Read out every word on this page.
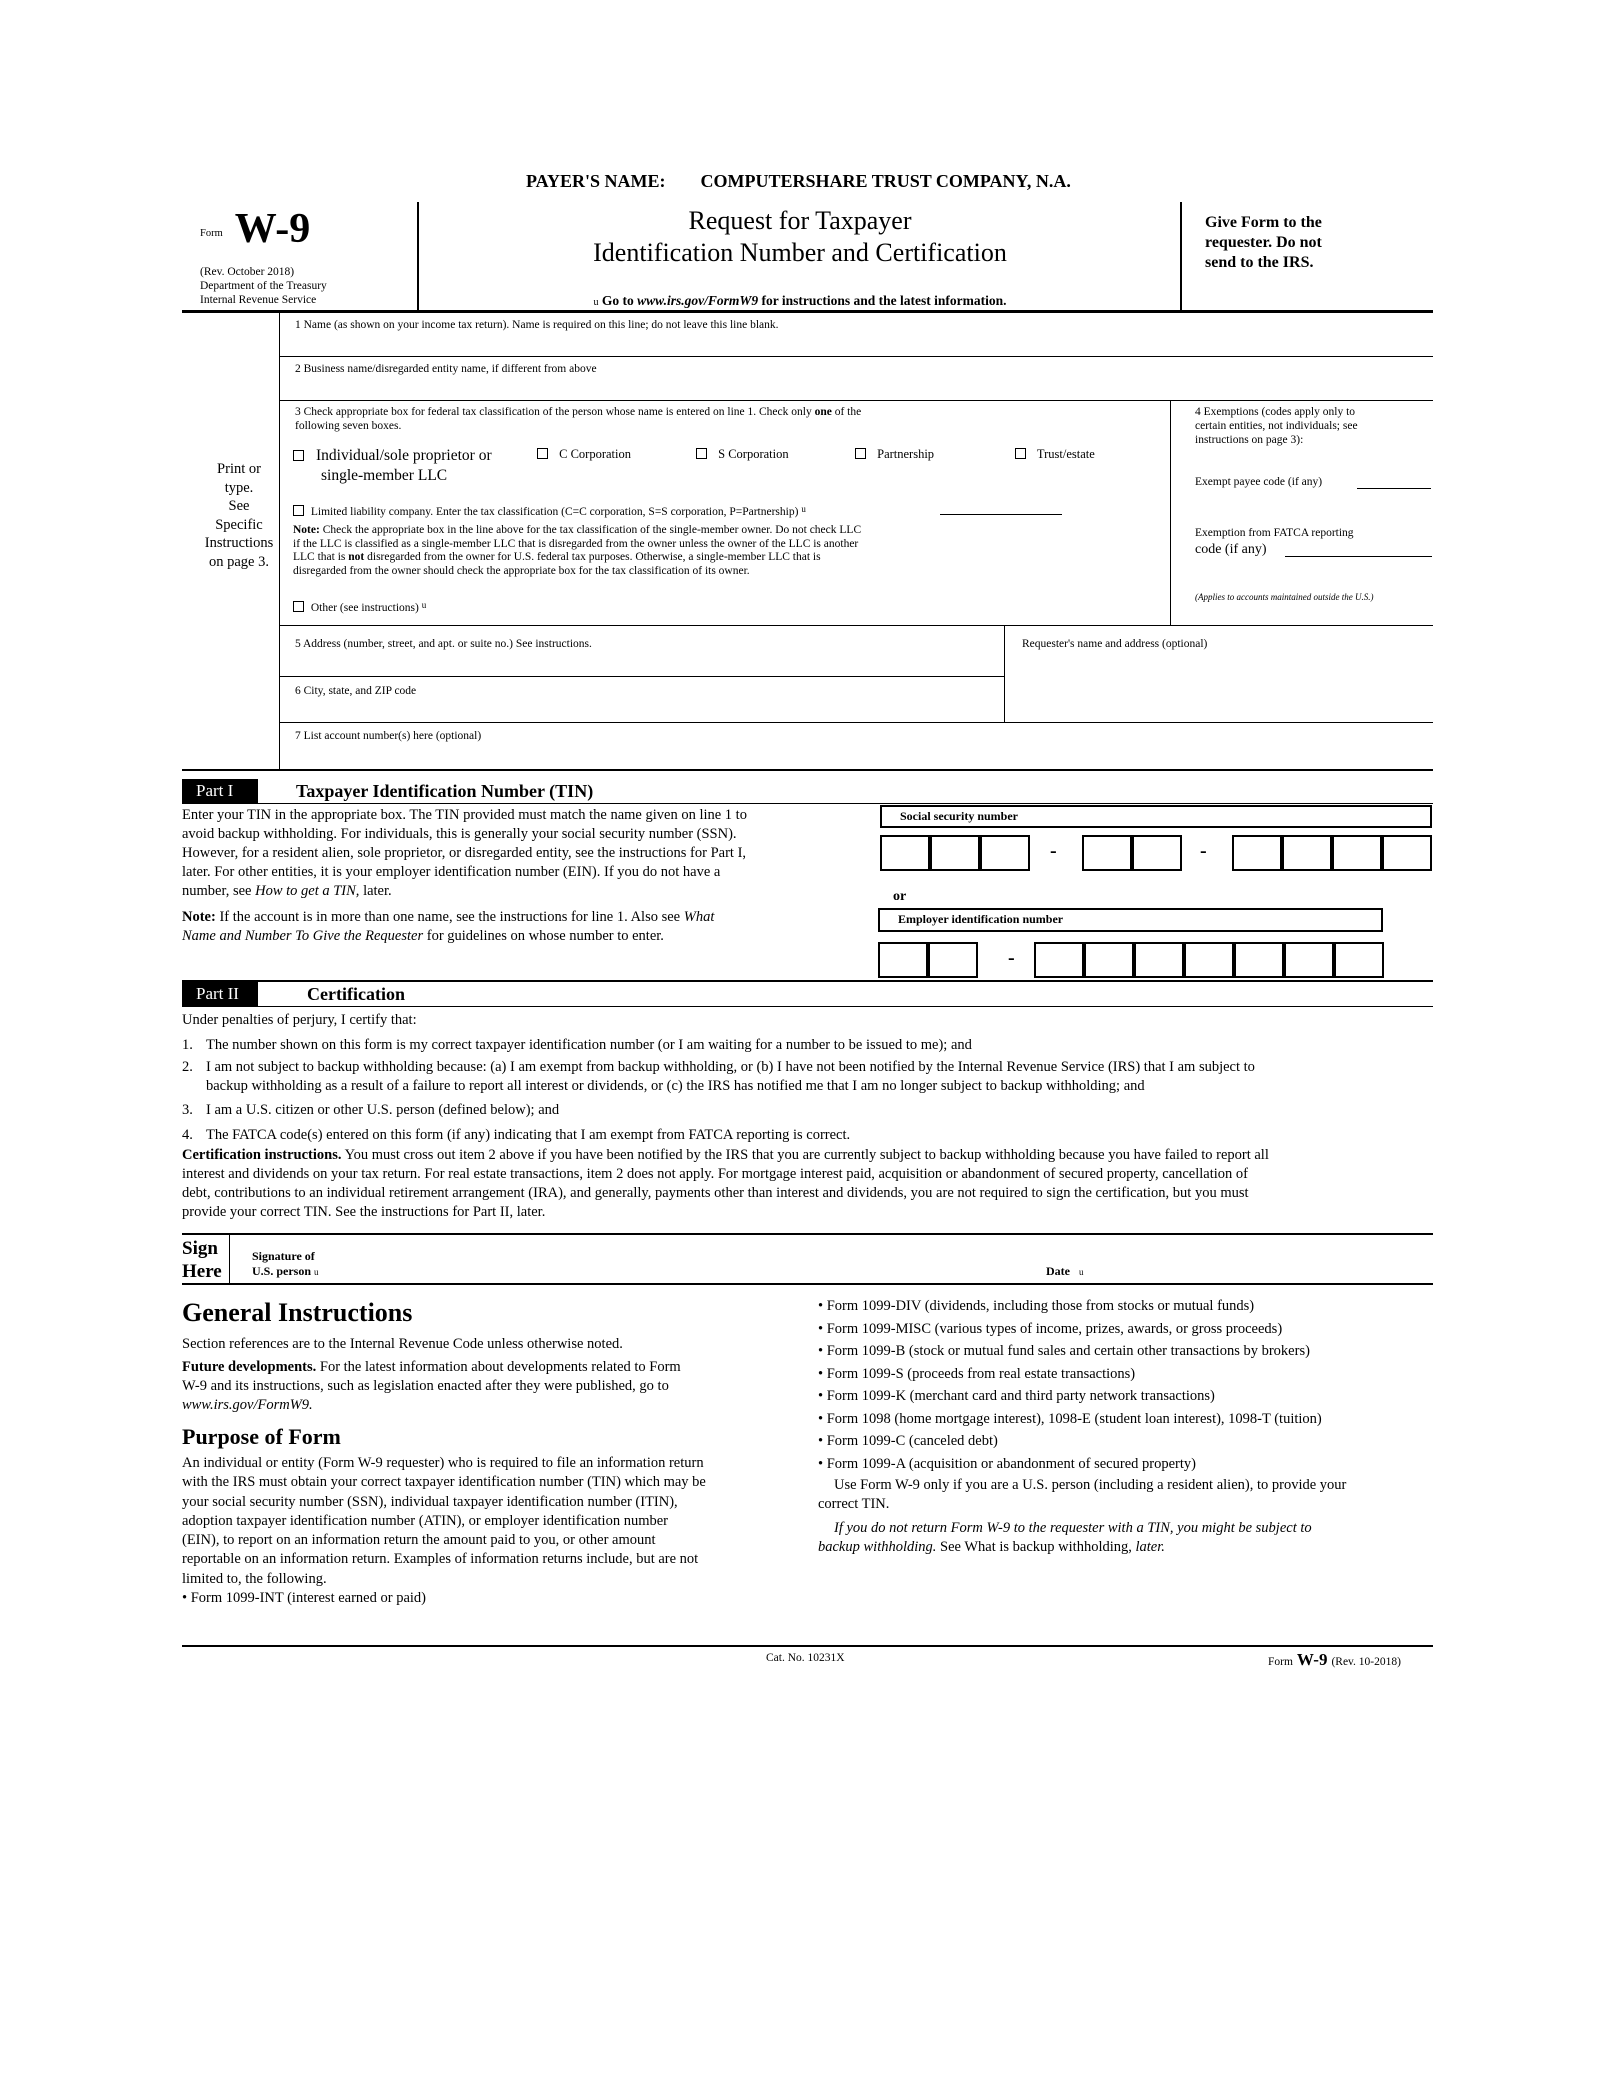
PAYER'S NAME: COMPUTERSHARE TRUST COMPANY, N.A.
$^{Form}$ W-9
(Rev. October 2018)
Department of the Treasury
Internal Revenue Service
Request for Taxpayer
Identification Number and Certification
u Go to www.irs.gov/FormW9 for instructions and the latest information.
Give Form to the
requester. Do not
send to the IRS.
Print or
type.
See
Specific
Instructions
on page 3.
1 Name (as shown on your income tax return). Name is required on this line; do not leave this line blank.
2 Business name/disregarded entity name, if different from above
3 Check appropriate box for federal tax classification of the person whose name is entered on line 1. Check only one of the
following seven boxes.
Individual/sole proprietor or
single-member LLC
C Corporation	S Corporation	Partnership	Trust/estate
Limited liability company. Enter the tax classification (C=C corporation, S=S corporation, P=Partnership) $^u$
Note: Check the appropriate box in the line above for the tax classification of the single-member owner. Do not check LLC
if the LLC is classified as a single-member LLC that is disregarded from the owner unless the owner of the LLC is another
LLC that is not disregarded from the owner for U.S. federal tax purposes. Otherwise, a single-member LLC that is
disregarded from the owner should check the appropriate box for the tax classification of its owner.
Other (see instructions) $^u$
4 Exemptions (codes apply only to
certain entities, not individuals; see
instructions on page 3):
Exempt payee code (if any)
Exemption from FATCA reporting
code (if any)
(Applies to accounts maintained outside the U.S.)
5 Address (number, street, and apt. or suite no.) See instructions.	Requester's name and address (optional)
6 City, state, and ZIP code
7 List account number(s) here (optional)
Part I	Taxpayer Identification Number (TIN)
Enter your TIN in the appropriate box. The TIN provided must match the name given on line 1 to
avoid backup withholding. For individuals, this is generally your social security number (SSN).
However, for a resident alien, sole proprietor, or disregarded entity, see the instructions for Part I,
later. For other entities, it is your employer identification number (EIN). If you do not have a
number, see How to get a TIN, later.
Note: If the account is in more than one name, see the instructions for line 1. Also see What
Name and Number To Give the Requester for guidelines on whose number to enter.
Social security number
-	-
or
Employer identification number
-
Part II	Certification
Under penalties of perjury, I certify that:
1. The number shown on this form is my correct taxpayer identification number (or I am waiting for a number to be issued to me); and
2. I am not subject to backup withholding because: (a) I am exempt from backup withholding, or (b) I have not been notified by the Internal Revenue Service (IRS) that I am subject to
backup withholding as a result of a failure to report all interest or dividends, or (c) the IRS has notified me that I am no longer subject to backup withholding; and
3. I am a U.S. citizen or other U.S. person (defined below); and
4. The FATCA code(s) entered on this form (if any) indicating that I am exempt from FATCA reporting is correct.
Certification instructions. You must cross out item 2 above if you have been notified by the IRS that you are currently subject to backup withholding because you have failed to report all
interest and dividends on your tax return. For real estate transactions, item 2 does not apply. For mortgage interest paid, acquisition or abandonment of secured property, cancellation of
debt, contributions to an individual retirement arrangement (IRA), and generally, payments other than interest and dividends, you are not required to sign the certification, but you must
provide your correct TIN. See the instructions for Part II, later.
Sign
Here
Signature of
U.S. person u	Date u
General Instructions
Section references are to the Internal Revenue Code unless otherwise noted.
Future developments. For the latest information about developments related to Form
W-9 and its instructions, such as legislation enacted after they were published, go to
www.irs.gov/FormW9.
Purpose of Form
An individual or entity (Form W-9 requester) who is required to file an information return
with the IRS must obtain your correct taxpayer identification number (TIN) which may be
your social security number (SSN), individual taxpayer identification number (ITIN),
adoption taxpayer identification number (ATIN), or employer identification number
(EIN), to report on an information return the amount paid to you, or other amount
reportable on an information return. Examples of information returns include, but are not
limited to, the following.
• Form 1099-INT (interest earned or paid)
• Form 1099-DIV (dividends, including those from stocks or mutual funds)
• Form 1099-MISC (various types of income, prizes, awards, or gross proceeds)
• Form 1099-B (stock or mutual fund sales and certain other transactions by brokers)
• Form 1099-S (proceeds from real estate transactions)
• Form 1099-K (merchant card and third party network transactions)
• Form 1098 (home mortgage interest), 1098-E (student loan interest), 1098-T (tuition)
• Form 1099-C (canceled debt)
• Form 1099-A (acquisition or abandonment of secured property)
Use Form W-9 only if you are a U.S. person (including a resident alien), to provide your
correct TIN.
If you do not return Form W-9 to the requester with a TIN, you might be subject to
backup withholding. See What is backup withholding, later.
Cat. No. 10231X	Form W-9 (Rev. 10-2018)
